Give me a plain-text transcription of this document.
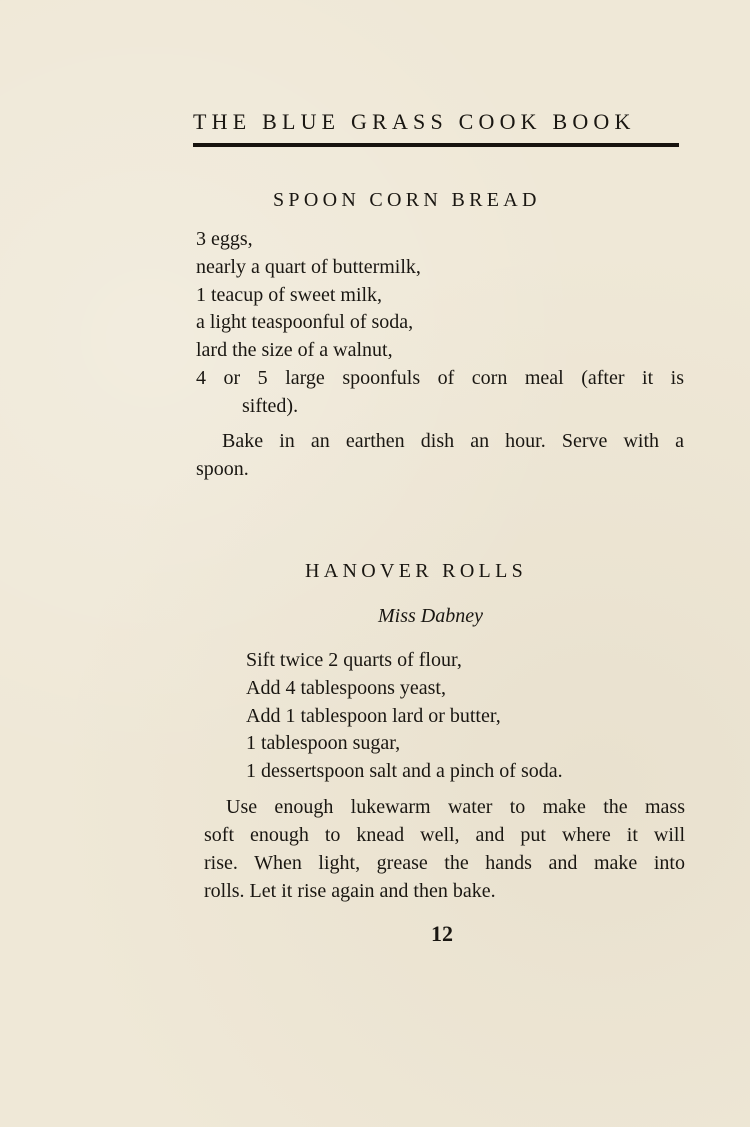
THE BLUE GRASS COOK BOOK
SPOON CORN BREAD
3 eggs,
nearly a quart of buttermilk,
1 teacup of sweet milk,
a light teaspoonful of soda,
lard the size of a walnut,
4 or 5 large spoonfuls of corn meal (after it is
sifted).
Bake in an earthen dish an hour. Serve with a
spoon.
HANOVER ROLLS
Miss Dabney
Sift twice 2 quarts of flour,
Add 4 tablespoons yeast,
Add 1 tablespoon lard or butter,
1 tablespoon sugar,
1 dessertspoon salt and a pinch of soda.
Use enough lukewarm water to make the mass
soft enough to knead well, and put where it will
rise. When light, grease the hands and make into
rolls. Let it rise again and then bake.
12
